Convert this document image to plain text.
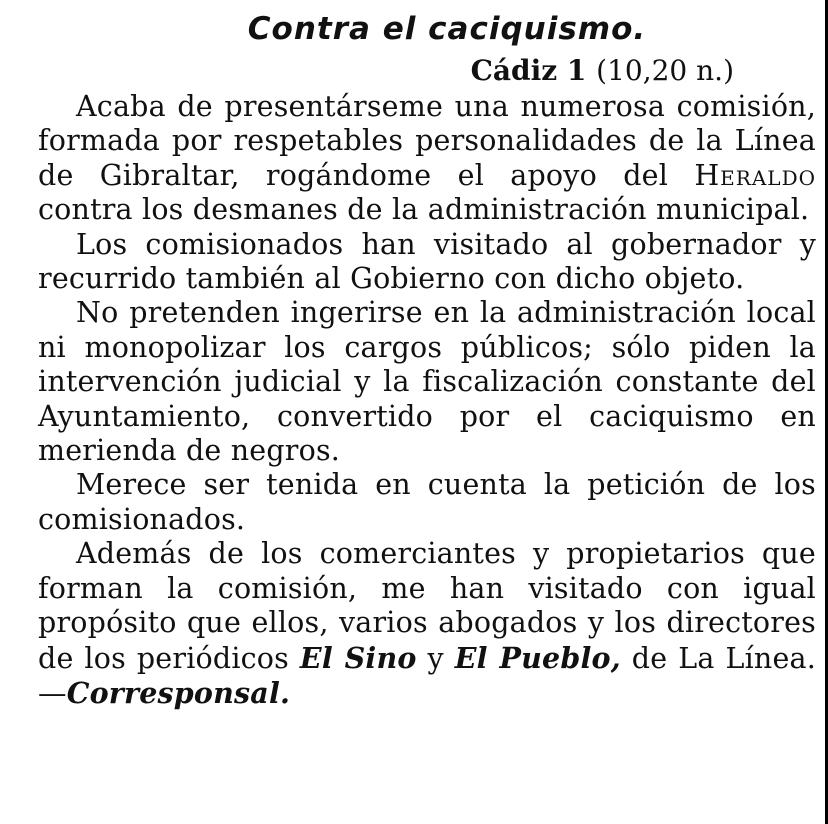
Contra el caciquismo.

Cádiz 1 (10,20 n.)

Acaba de presentárseme una numerosa comisión, formada por respetables personalidades de la Línea de Gibraltar, rogándome el apoyo del Heraldo contra los desmanes de la administración municipal.

Los comisionados han visitado al gobernador y recurrido también al Gobierno con dicho objeto.

No pretenden ingerirse en la administración local ni monopolizar los cargos públicos; sólo piden la intervención judicial y la fiscalización constante del Ayuntamiento, convertido por el caciquismo en merienda de negros.

Merece ser tenida en cuenta la petición de los comisionados.

Además de los comerciantes y propietarios que forman la comisión, me han visitado con igual propósito que ellos, varios abogados y los directores de los periódicos El Sino y El Pueblo, de La Línea.—Corresponsal.
